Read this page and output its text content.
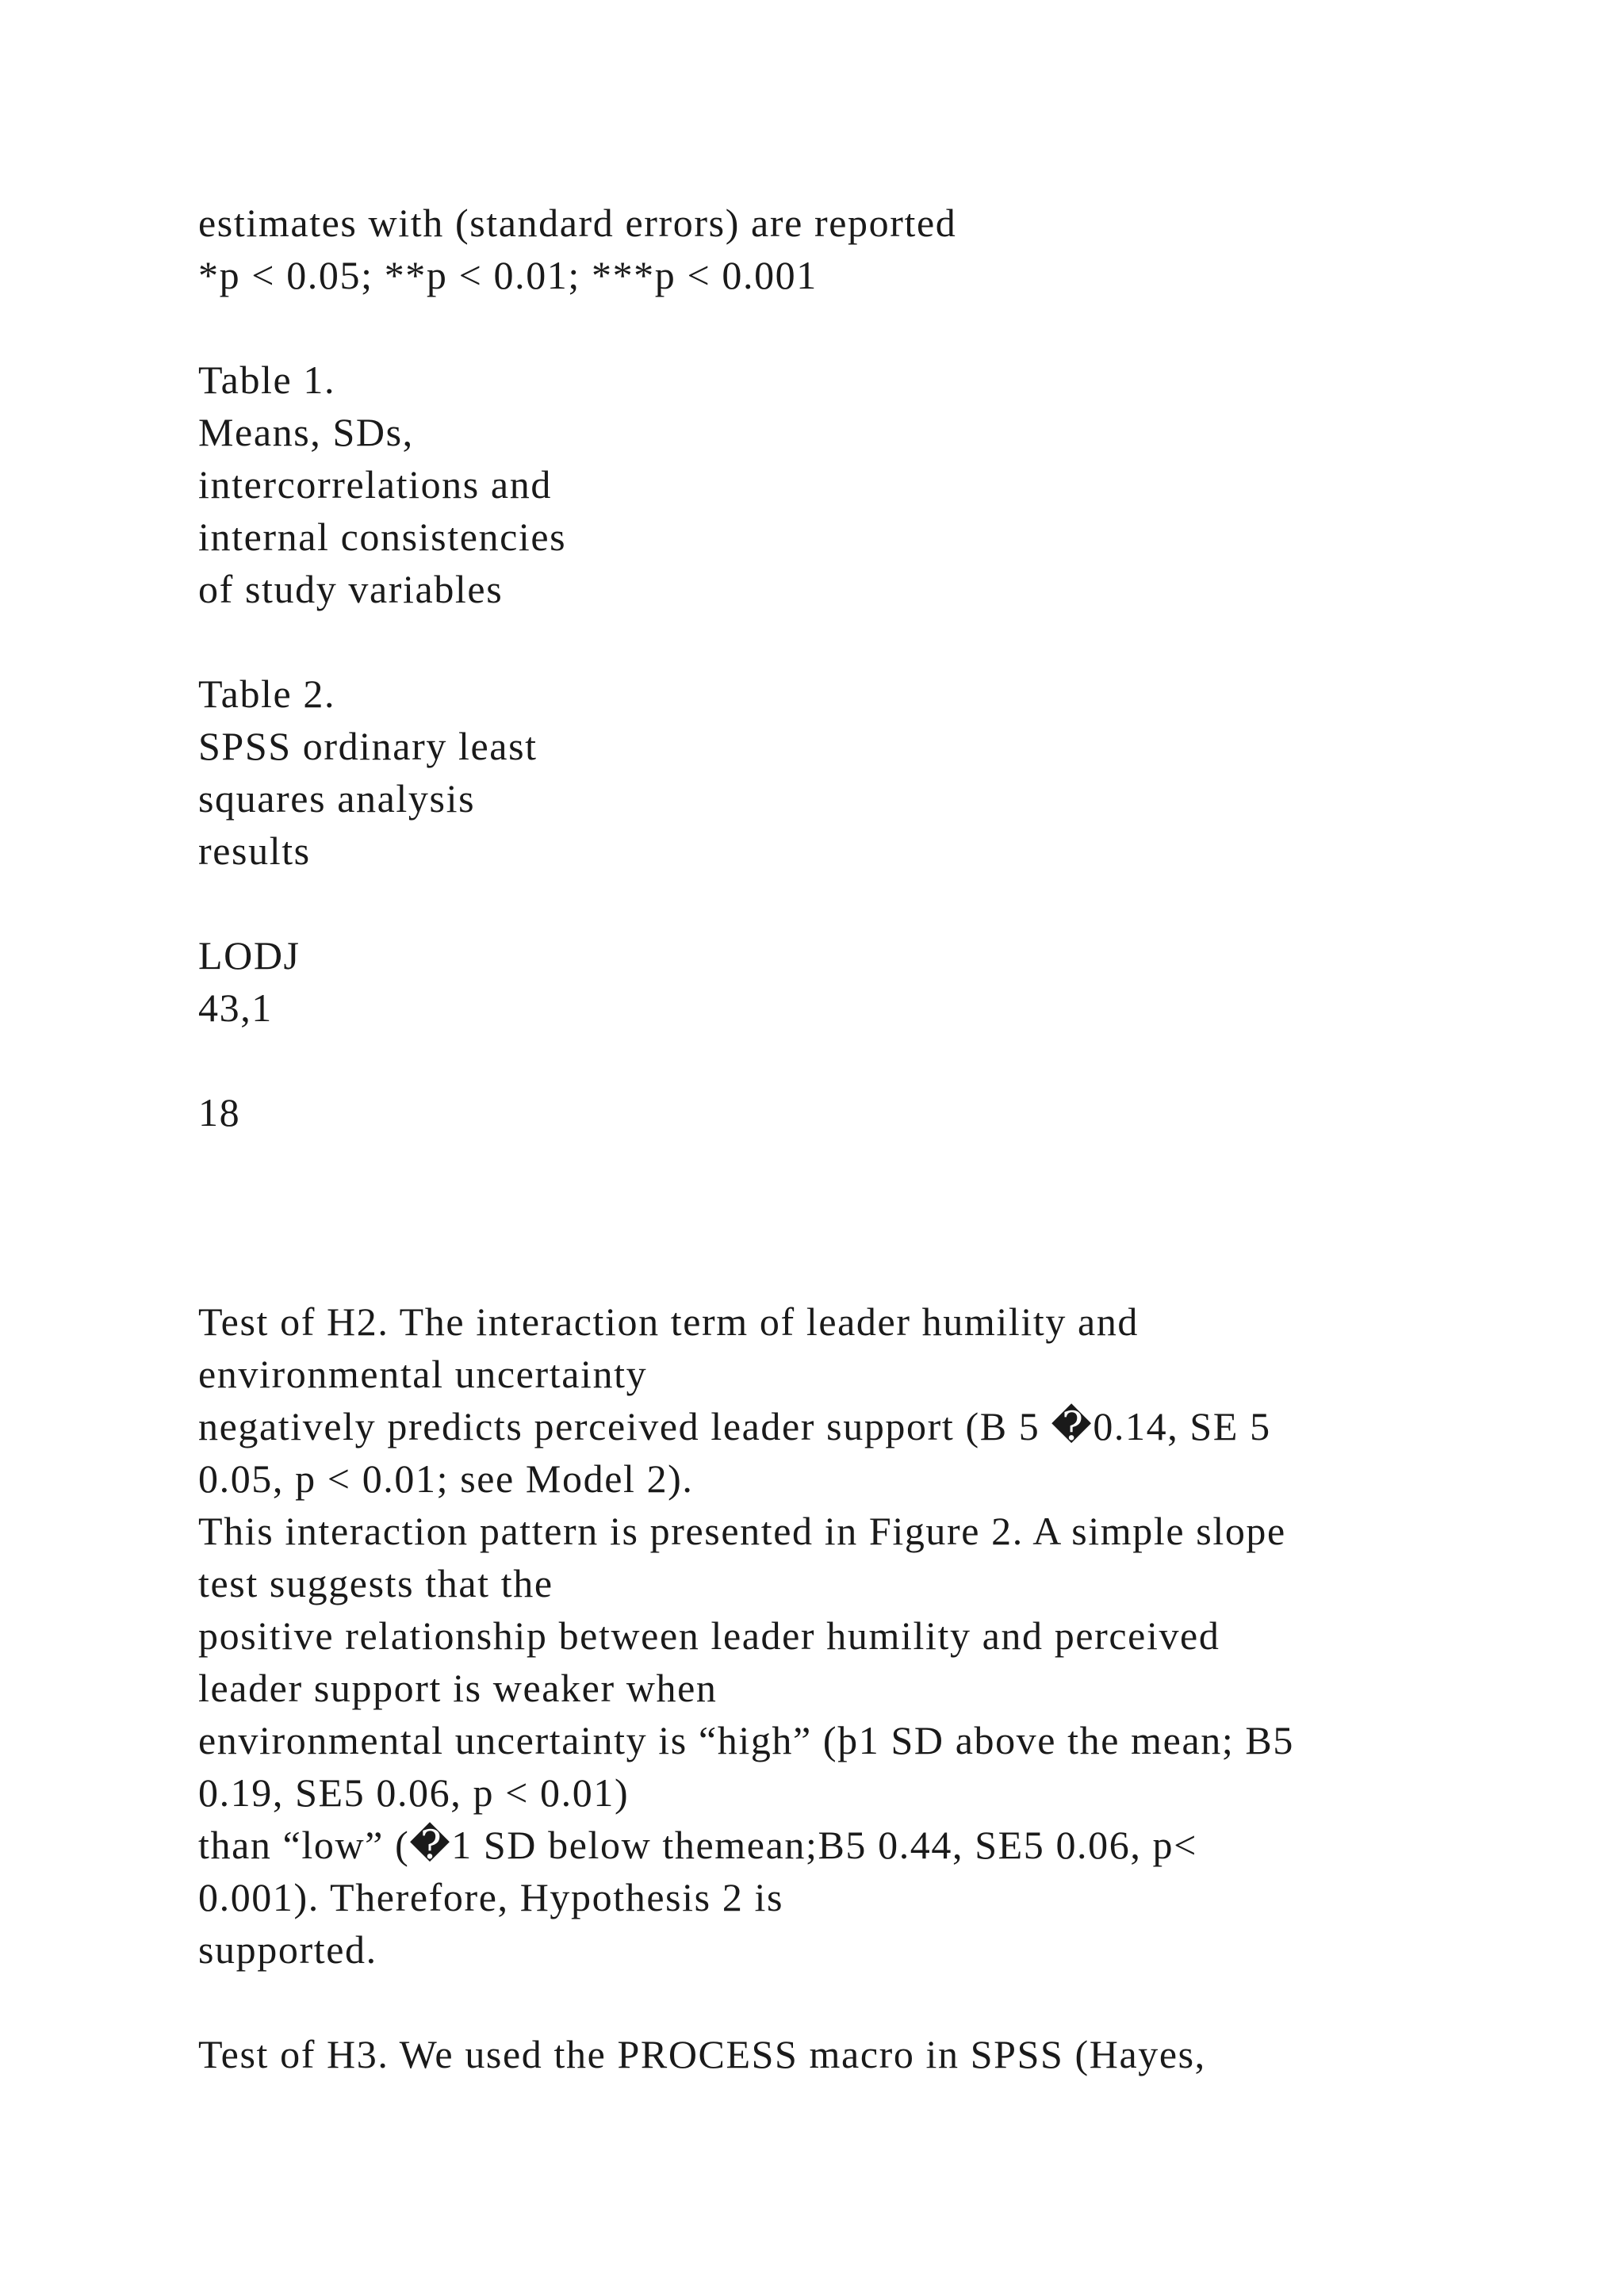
estimates with (standard errors) are reported
*p < 0.05; **p < 0.01; ***p < 0.001
Table 1.
Means, SDs,
intercorrelations and
internal consistencies
of study variables
Table 2.
SPSS ordinary least
squares analysis
results
LODJ
43,1
18
Test of H2. The interaction term of leader humility and
environmental uncertainty
negatively predicts perceived leader support (B 5 �0.14, SE 5
0.05, p < 0.01; see Model 2).
This interaction pattern is presented in Figure 2. A simple slope
test suggests that the
positive relationship between leader humility and perceived
leader support is weaker when
environmental uncertainty is “high” (þ1 SD above the mean; B5
0.19, SE5 0.06, p < 0.01)
than “low” (�1 SD below themean;B5 0.44, SE5 0.06, p<
0.001). Therefore, Hypothesis 2 is
supported.
Test of H3. We used the PROCESS macro in SPSS (Hayes,
